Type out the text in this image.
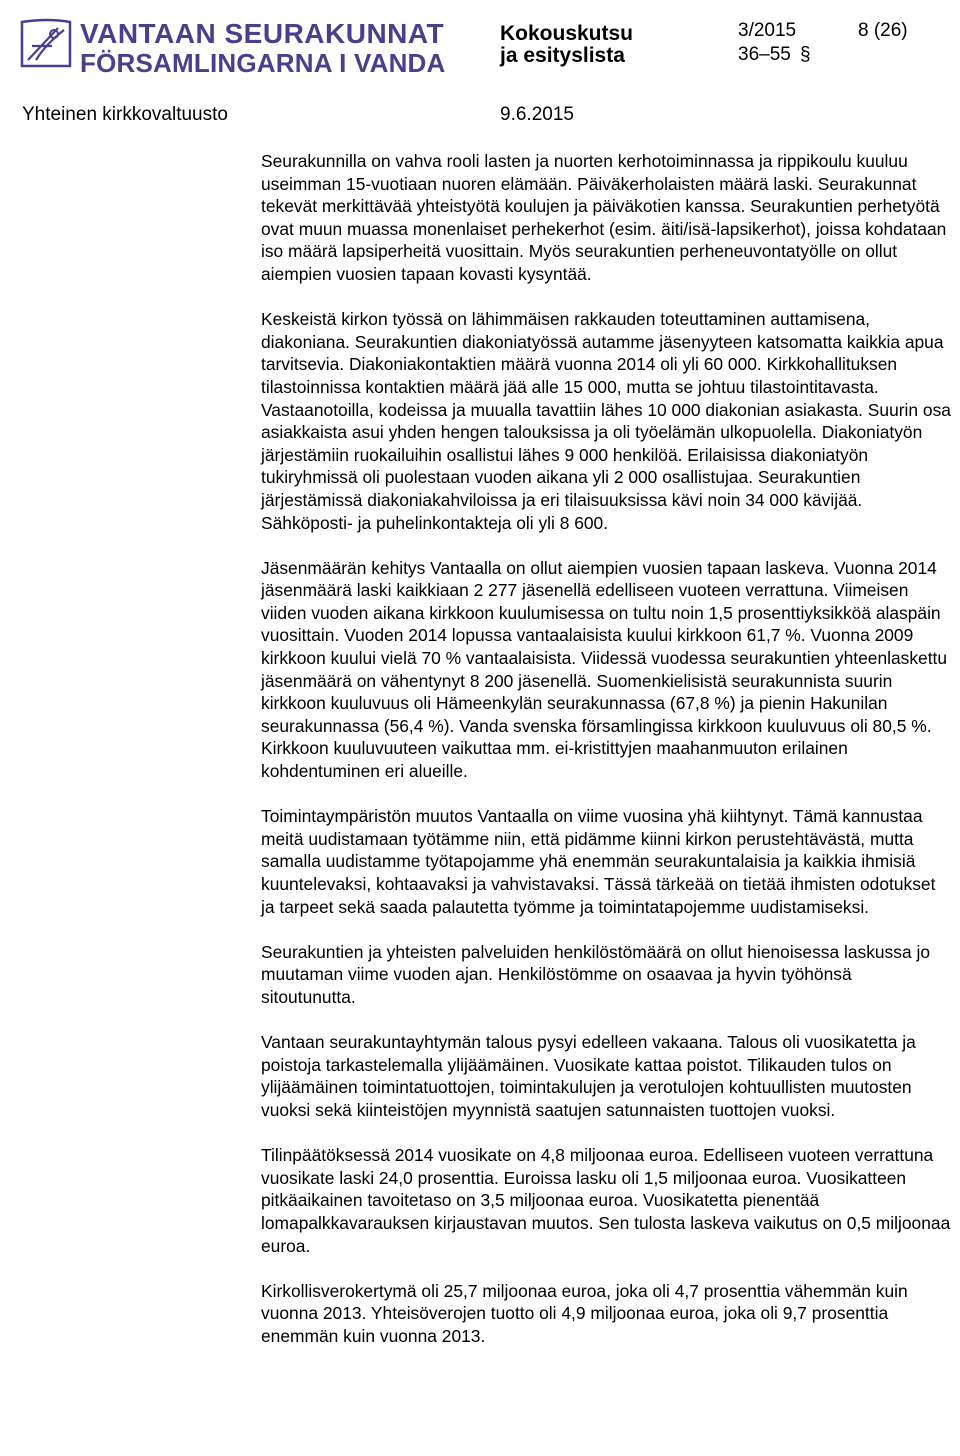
VANTAAN SEURAKUNNAT
FÖRSAMLINGARNA I VANDA
Kokouskutsu
ja esityslista
3/2015
36–55 §
8 (26)
Yhteinen kirkkovaltuusto	9.6.2015

Seurakunnilla on vahva rooli lasten ja nuorten kerhotoiminnassa ja rippikoulu kuuluu useimman 15-vuotiaan nuoren elämään. Päiväkerholaisten määrä laski. Seurakunnat tekevät merkittävää yhteistyötä koulujen ja päiväkotien kanssa. Seurakuntien perhetyötä ovat muun muassa monenlaiset perhekerhot (esim. äiti/isä-lapsikerhot), joissa kohdataan iso määrä lapsiperheitä vuosittain. Myös seurakuntien perheneuvontatyölle on ollut aiempien vuosien tapaan kovasti kysyntää.

Keskeistä kirkon työssä on lähimmäisen rakkauden toteuttaminen auttamisena, diakoniana. Seurakuntien diakoniatyössä autamme jäsenyyteen katsomatta kaikkia apua tarvitsevia. Diakoniakontaktien määrä vuonna 2014 oli yli 60 000. Kirkkohallituksen tilastoinnissa kontaktien määrä jää alle 15 000, mutta se johtuu tilastointitavasta. Vastaanotoilla, kodeissa ja muualla tavattiin lähes 10 000 diakonian asiakasta. Suurin osa asiakkaista asui yhden hengen talouksissa ja oli työelämän ulkopuolella. Diakoniatyön järjestämiin ruokailuihin osallistui lähes 9 000 henkilöä. Erilaisissa diakoniatyön tukiryhmissä oli puolestaan vuoden aikana yli 2 000 osallistujaa. Seurakuntien järjestämissä diakoniakahviloissa ja eri tilaisuuksissa kävi noin 34 000 kävijää. Sähköposti- ja puhelinkontakteja oli yli 8 600.

Jäsenmäärän kehitys Vantaalla on ollut aiempien vuosien tapaan laskeva. Vuonna 2014 jäsenmäärä laski kaikkiaan 2 277 jäsenellä edelliseen vuoteen verrattuna. Viimeisen viiden vuoden aikana kirkkoon kuulumisessa on tultu noin 1,5 prosenttiyksikköä alaspäin vuosittain. Vuoden 2014 lopussa vantaalaisista kuului kirkkoon 61,7 %. Vuonna 2009 kirkkoon kuului vielä 70 % vantaalaisista. Viidessä vuodessa seurakuntien yhteenlaskettu jäsenmäärä on vähentynyt 8 200 jäsenellä. Suomenkielisistä seurakunnista suurin kirkkoon kuuluvuus oli Hämeenkylän seurakunnassa (67,8 %) ja pienin Hakunilan seurakunnassa (56,4 %). Vanda svenska församlingissa kirkkoon kuuluvuus oli 80,5 %. Kirkkoon kuuluvuuteen vaikuttaa mm. ei-kristittyjen maahanmuuton erilainen kohdentuminen eri alueille.

Toimintaympäristön muutos Vantaalla on viime vuosina yhä kiihtynyt. Tämä kannustaa meitä uudistamaan työtämme niin, että pidämme kiinni kirkon perustehtävästä, mutta samalla uudistamme työtapojamme yhä enemmän seurakuntalaisia ja kaikkia ihmisiä kuuntelevaksi, kohtaavaksi ja vahvistavaksi. Tässä tärkeää on tietää ihmisten odotukset ja tarpeet sekä saada palautetta työmme ja toimintatapojemme uudistamiseksi.

Seurakuntien ja yhteisten palveluiden henkilöstömäärä on ollut hienoisessa laskussa jo muutaman viime vuoden ajan. Henkilöstömme on osaavaa ja hyvin työhönsä sitoutunutta.

Vantaan seurakuntayhtymän talous pysyi edelleen vakaana. Talous oli vuosikatetta ja poistoja tarkastelemalla ylijäämäinen. Vuosikate kattaa poistot. Tilikauden tulos on ylijäämäinen toimintatuottojen, toimintakulujen ja verotulojen kohtuullisten muutosten vuoksi sekä kiinteistöjen myynnistä saatujen satunnaisten tuottojen vuoksi.

Tilinpäätöksessä 2014 vuosikate on 4,8 miljoonaa euroa. Edelliseen vuoteen verrattuna vuosikate laski 24,0 prosenttia. Euroissa lasku oli 1,5 miljoonaa euroa. Vuosikatteen pitkäaikainen tavoitetaso on 3,5 miljoonaa euroa. Vuosikatetta pienentää lomapalkkavarauksen kirjaustavan muutos. Sen tulosta laskeva vaikutus on 0,5 miljoonaa euroa.

Kirkollisverokertymä oli 25,7 miljoonaa euroa, joka oli 4,7 prosenttia vähemmän kuin vuonna 2013. Yhteisöverojen tuotto oli 4,9 miljoonaa euroa, joka oli 9,7 prosenttia enemmän kuin vuonna 2013.
